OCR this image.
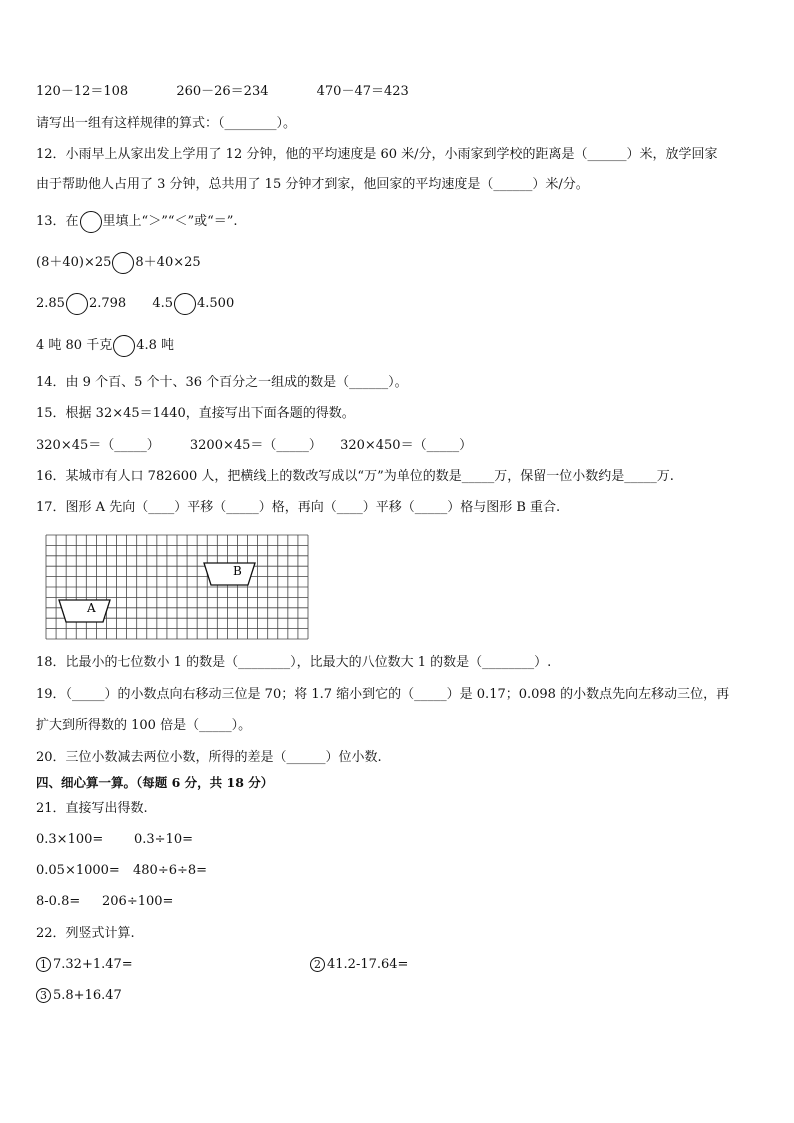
120－12＝108	260－26＝234	470－47＝423
请写出一组有这样规律的算式：（________）。
12．小雨早上从家出发上学用了 12 分钟，他的平均速度是 60 米/分，小雨家到学校的距离是（______）米，放学回家
由于帮助他人占用了 3 分钟，总共用了 15 分钟才到家，他回家的平均速度是（______）米/分。
13．在 里填上“＞”“＜”或“＝”.
(8＋40)×25 8＋40×25
2.85 2.798 4.5 4.500
4 吨 80 千克 4.8 吨
14．由 9 个百、5 个十、36 个百分之一组成的数是（______）。
15．根据 32×45＝1440，直接写出下面各题的得数。
320×45＝（_____） 3200×45＝（_____） 320×450＝（_____）
16．某城市有人口 782600 人，把横线上的数改写成以“万”为单位的数是_____万，保留一位小数约是_____万.
17．图形 A 先向（____）平移（_____）格，再向（____）平移（_____）格与图形 B 重合.
B
A
18．比最小的七位数小 1 的数是（________），比最大的八位数大 1 的数是（________）.
19．（_____）的小数点向右移动三位是 70；将 1.7 缩小到它的（_____）是 0.17；0.098 的小数点先向左移动三位，再
扩大到所得数的 100 倍是（_____）。
20．三位小数减去两位小数，所得的差是（______）位小数.
四、细心算一算。（每题 6 分，共 18 分）
21．直接写出得数.
0.3×100= 0.3÷10=
0.05×1000= 480÷6÷8=
8-0.8= 206÷100=
22．列竖式计算.
1 7.32+1.47=	2 41.2-17.64=
3 5.8+16.47
